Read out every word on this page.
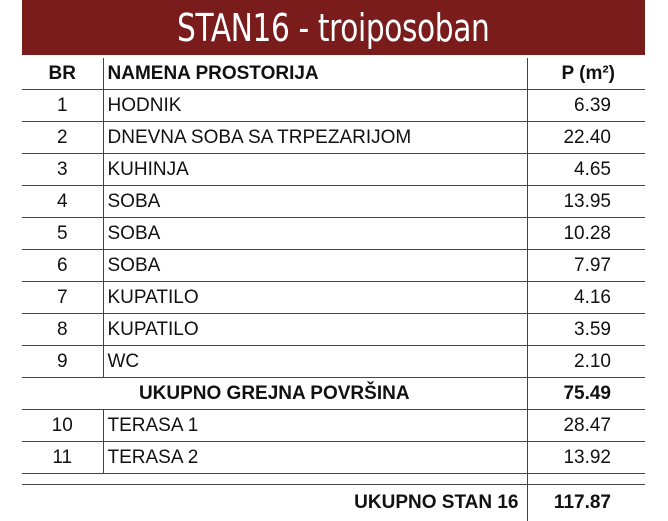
STAN16 - troiposoban
BR	NAMENA PROSTORIJA	P (m²)
1	HODNIK	6.39
2	DNEVNA SOBA SA TRPEZARIJOM	22.40
3	KUHINJA	4.65
4	SOBA	13.95
5	SOBA	10.28
6	SOBA	7.97
7	KUPATILO	4.16
8	KUPATILO	3.59
9	WC	2.10
UKUPNO GREJNA POVRŠINA		75.49
10	TERASA 1	28.47
11	TERASA 2	13.92

UKUPNO STAN 16		117.87
